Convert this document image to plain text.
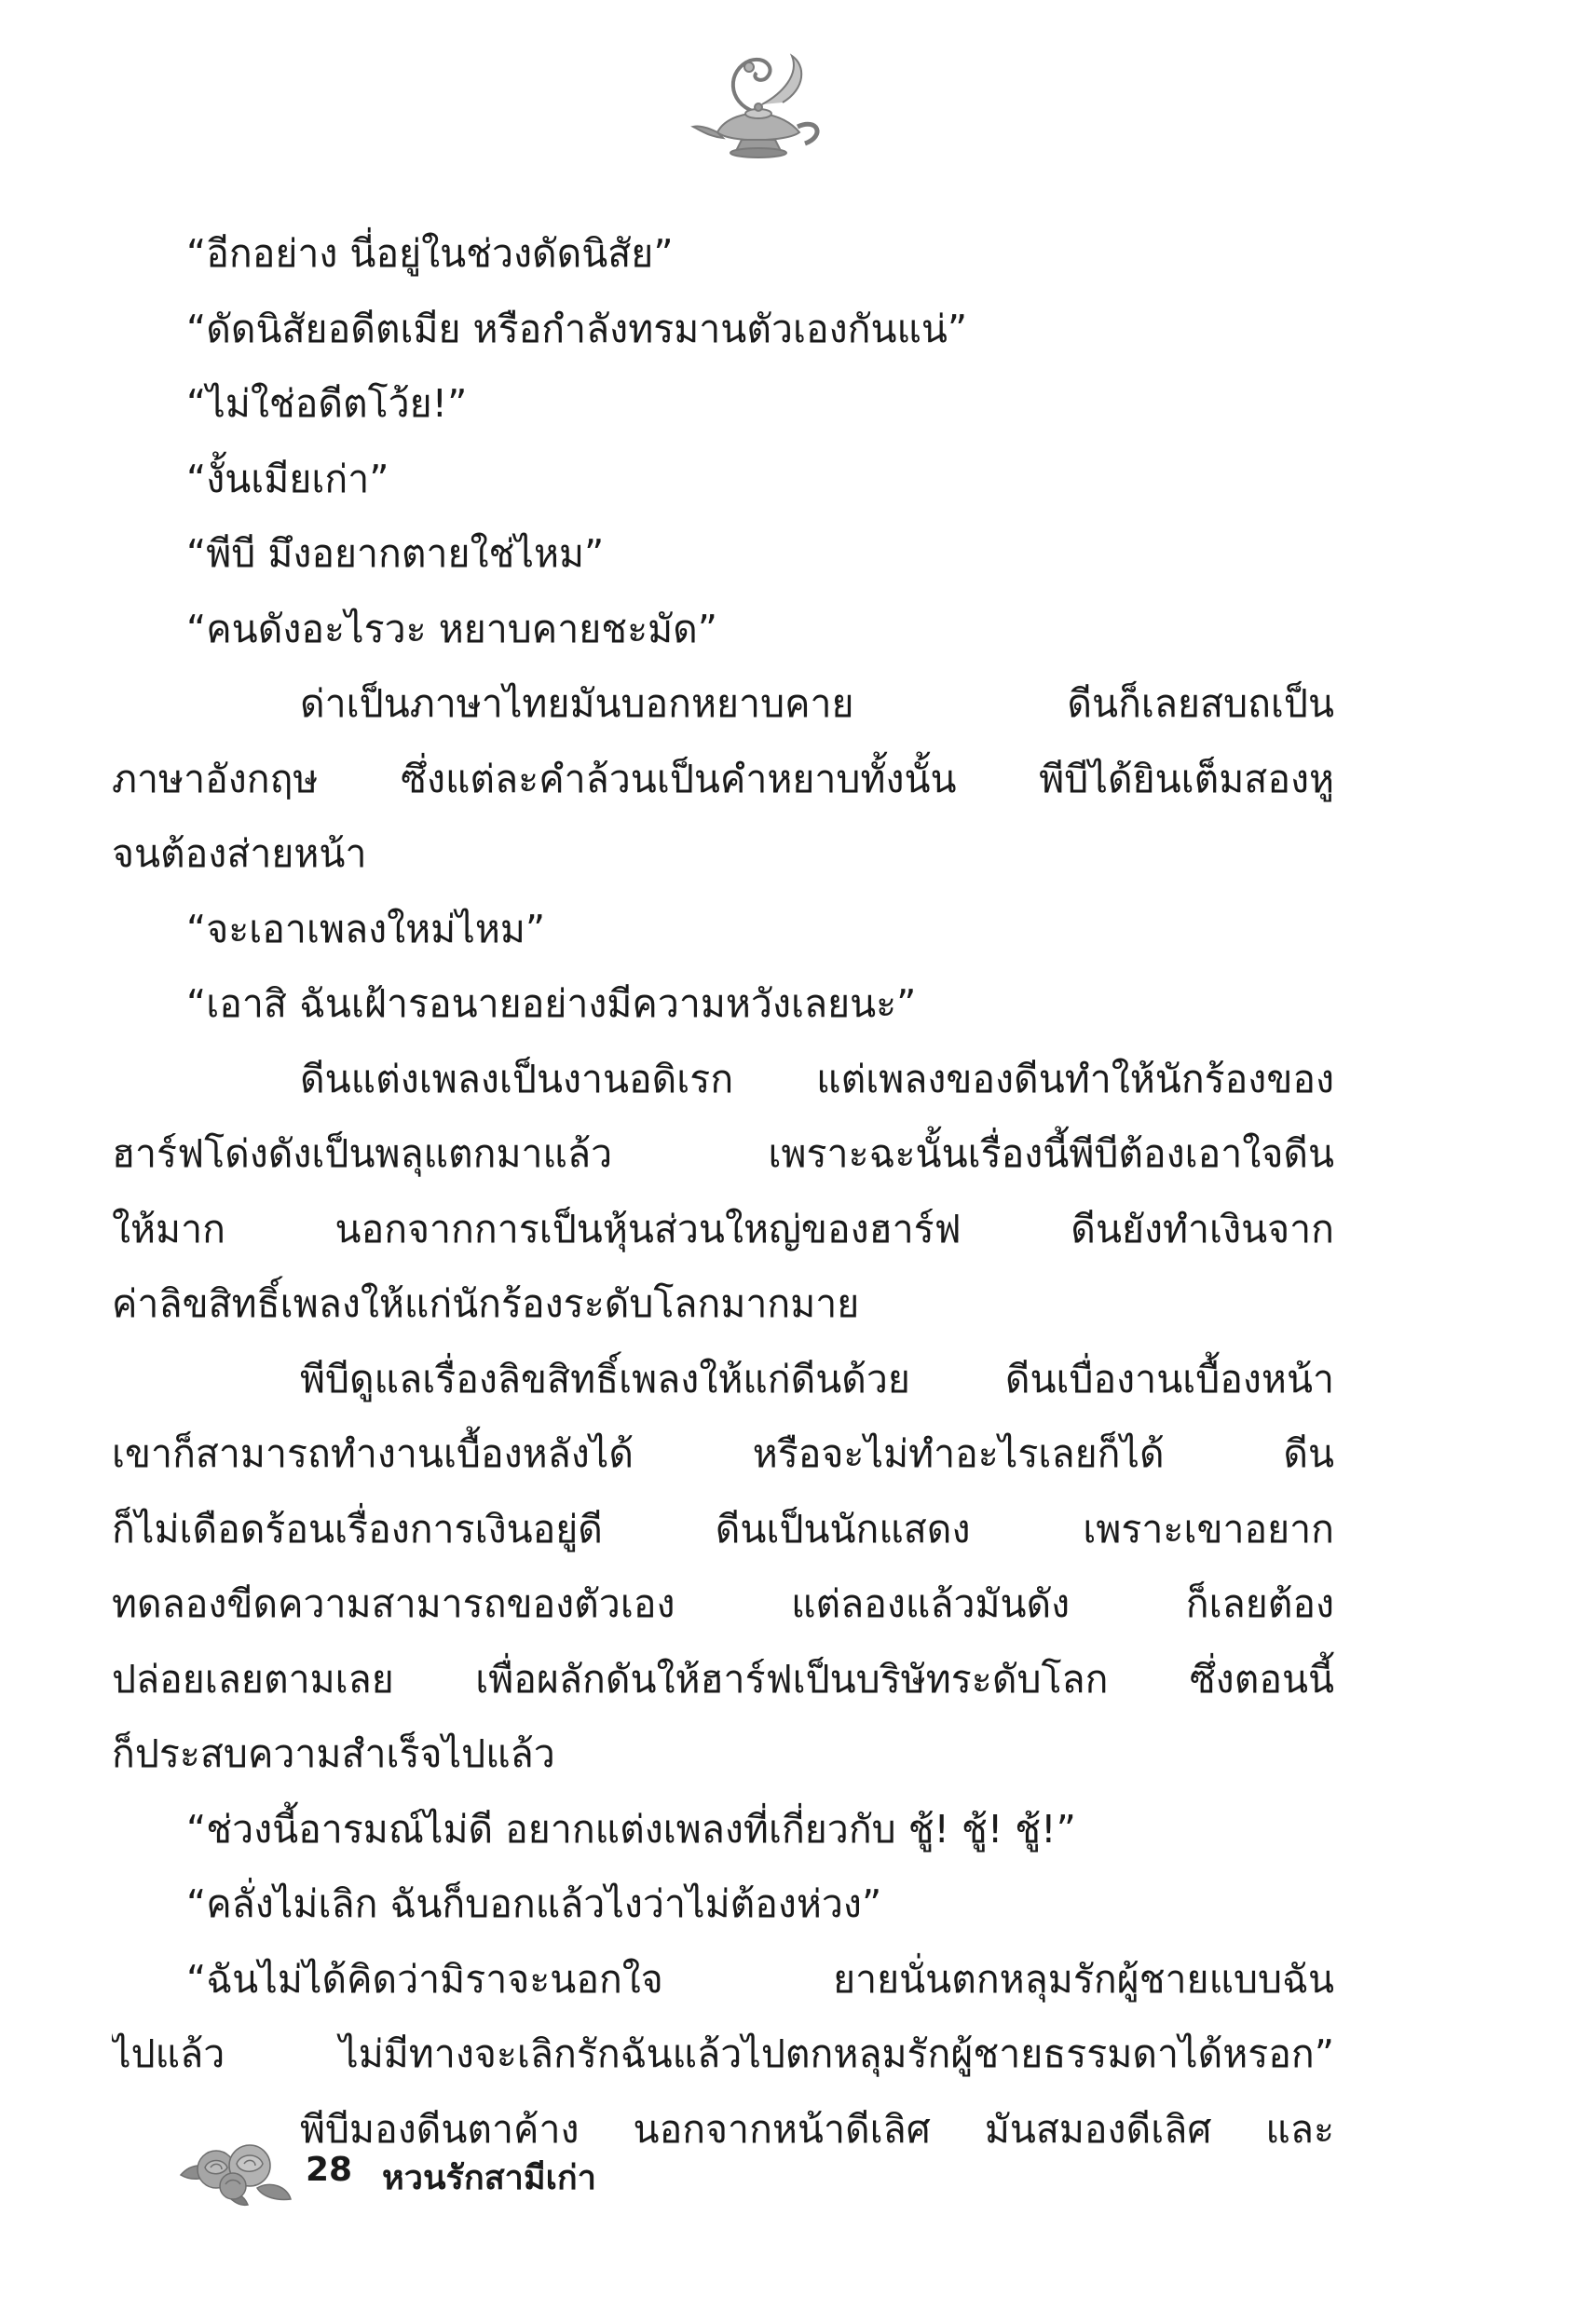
“อีกอย่าง นี่อยู่ในช่วงดัดนิสัย”
“ดัดนิสัยอดีตเมีย หรือกำลังทรมานตัวเองกันแน่”
“ไม่ใช่อดีตโว้ย!”
“งั้นเมียเก่า”
“พีบี มึงอยากตายใช่ไหม”
“คนดังอะไรวะ หยาบคายชะมัด”
ด่าเป็นภาษาไทยมันบอกหยาบคาย ดีนก็เลยสบถเป็น
ภาษาอังกฤษ ซึ่งแต่ละคำล้วนเป็นคำหยาบทั้งนั้น พีบีได้ยินเต็มสองหู
จนต้องส่ายหน้า
“จะเอาเพลงใหม่ไหม”
“เอาสิ ฉันเฝ้ารอนายอย่างมีความหวังเลยนะ”
ดีนแต่งเพลงเป็นงานอดิเรก แต่เพลงของดีนทำให้นักร้องของ
ฮาร์ฟโด่งดังเป็นพลุแตกมาแล้ว เพราะฉะนั้นเรื่องนี้พีบีต้องเอาใจดีน
ให้มาก นอกจากการเป็นหุ้นส่วนใหญ่ของฮาร์ฟ ดีนยังทำเงินจาก
ค่าลิขสิทธิ์เพลงให้แก่นักร้องระดับโลกมากมาย
พีบีดูแลเรื่องลิขสิทธิ์เพลงให้แก่ดีนด้วย ดีนเบื่องานเบื้องหน้า
เขาก็สามารถทำงานเบื้องหลังได้ หรือจะไม่ทำอะไรเลยก็ได้ ดีน
ก็ไม่เดือดร้อนเรื่องการเงินอยู่ดี ดีนเป็นนักแสดง เพราะเขาอยาก
ทดลองขีดความสามารถของตัวเอง แต่ลองแล้วมันดัง ก็เลยต้อง
ปล่อยเลยตามเลย เพื่อผลักดันให้ฮาร์ฟเป็นบริษัทระดับโลก ซึ่งตอนนี้
ก็ประสบความสำเร็จไปแล้ว
“ช่วงนี้อารมณ์ไม่ดี อยากแต่งเพลงที่เกี่ยวกับ ชู้! ชู้! ชู้!”
“คลั่งไม่เลิก ฉันก็บอกแล้วไงว่าไม่ต้องห่วง”
“ฉันไม่ได้คิดว่ามิราจะนอกใจ ยายนั่นตกหลุมรักผู้ชายแบบฉัน
ไปแล้ว ไม่มีทางจะเลิกรักฉันแล้วไปตกหลุมรักผู้ชายธรรมดาได้หรอก”
พีบีมองดีนตาค้าง นอกจากหน้าดีเลิศ มันสมองดีเลิศ และ
28 หวนรักสามีเก่า
